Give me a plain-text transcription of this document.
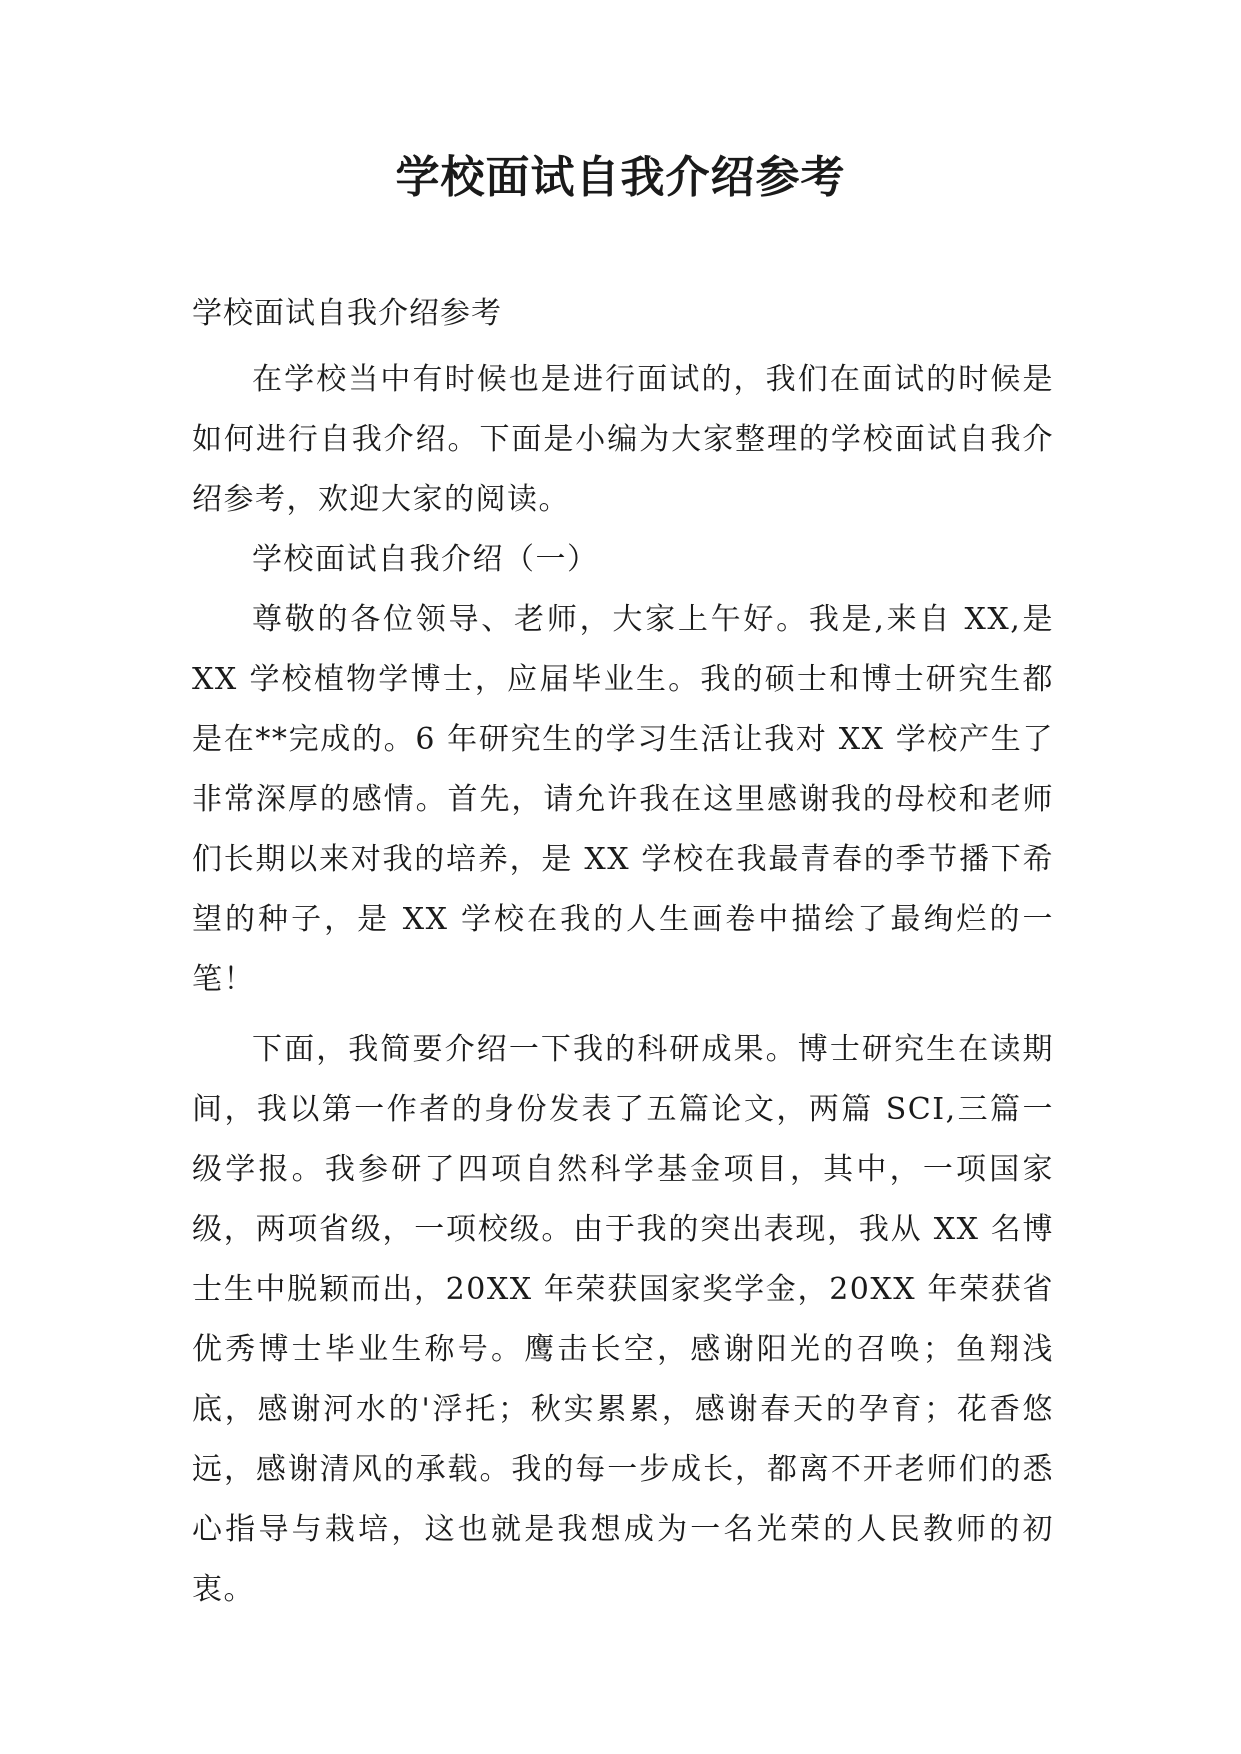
学校面试自我介绍参考

学校面试自我介绍参考

在学校当中有时候也是进行面试的，我们在面试的时候是如何进行自我介绍。下面是小编为大家整理的学校面试自我介绍参考，欢迎大家的阅读。

学校面试自我介绍（一）

尊敬的各位领导、老师，大家上午好。我是,来自 XX,是 XX 学校植物学博士，应届毕业生。我的硕士和博士研究生都是在**完成的。6 年研究生的学习生活让我对 XX 学校产生了非常深厚的感情。首先，请允许我在这里感谢我的母校和老师们长期以来对我的培养，是 XX 学校在我最青春的季节播下希望的种子，是 XX 学校在我的人生画卷中描绘了最绚烂的一笔！

下面，我简要介绍一下我的科研成果。博士研究生在读期间，我以第一作者的身份发表了五篇论文，两篇 SCI,三篇一级学报。我参研了四项自然科学基金项目，其中，一项国家级，两项省级，一项校级。由于我的突出表现，我从 XX 名博士生中脱颖而出，20XX 年荣获国家奖学金，20XX 年荣获省优秀博士毕业生称号。鹰击长空，感谢阳光的召唤；鱼翔浅底，感谢河水的'浮托；秋实累累，感谢春天的孕育；花香悠远，感谢清风的承载。我的每一步成长，都离不开老师们的悉心指导与栽培，这也就是我想成为一名光荣的人民教师的初衷。
